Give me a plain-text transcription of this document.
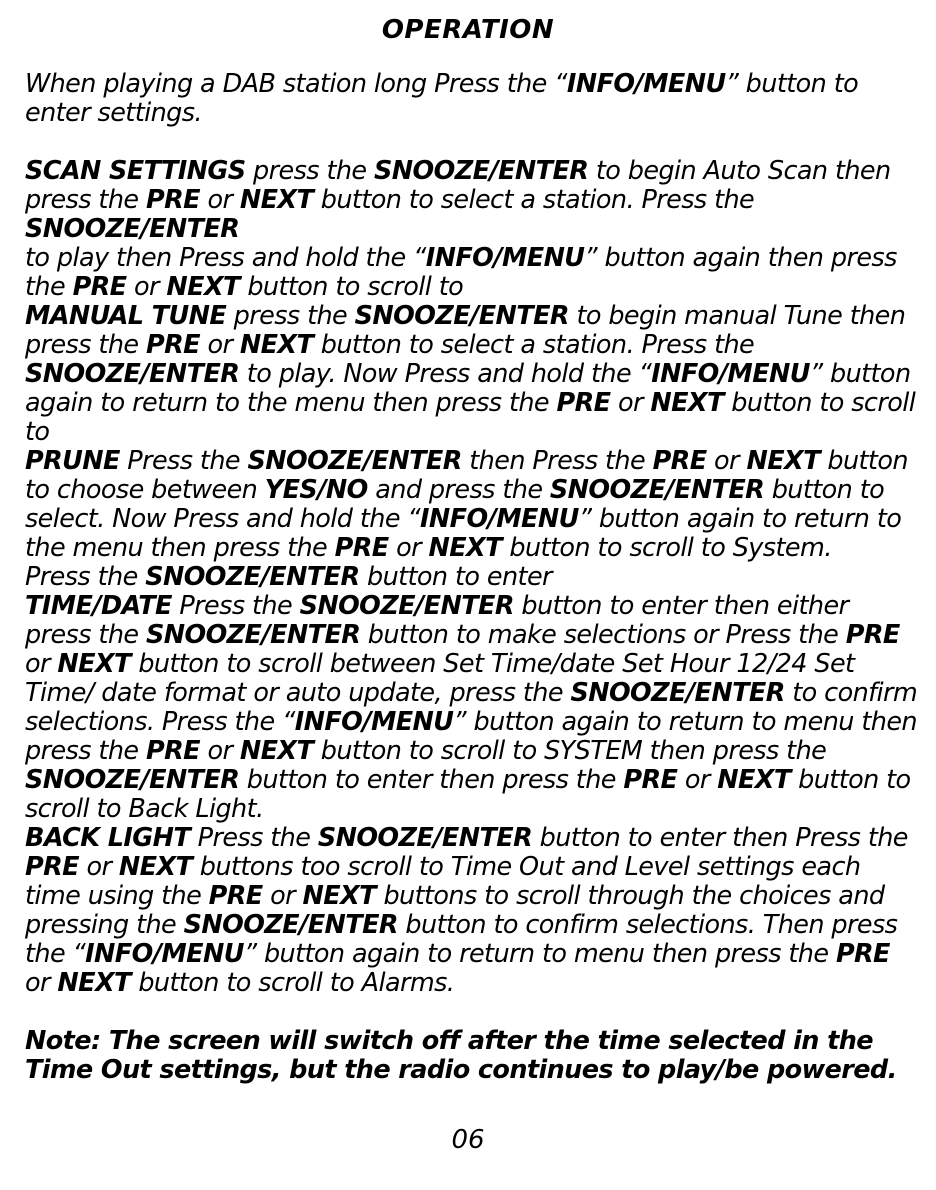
OPERATION

When playing a DAB station long Press the “INFO/MENU” button to enter settings.

SCAN SETTINGS press the SNOOZE/ENTER to begin Auto Scan then press the PRE or NEXT button to select a station. Press the SNOOZE/ENTER
to play then Press and hold the “INFO/MENU” button again then press the PRE or NEXT button to scroll to

MANUAL TUNE press the SNOOZE/ENTER to begin manual Tune then press the PRE or NEXT button to select a station. Press the SNOOZE/ENTER to play. Now Press and hold the “INFO/MENU” button again to return to the menu then press the PRE or NEXT button to scroll to

PRUNE Press the SNOOZE/ENTER then Press the PRE or NEXT button to choose between YES/NO and press the SNOOZE/ENTER button to select. Now Press and hold the “INFO/MENU” button again to return to the menu then press the PRE or NEXT button to scroll to System.

Press the SNOOZE/ENTER button to enter

TIME/DATE Press the SNOOZE/ENTER button to enter then either press the SNOOZE/ENTER button to make selections or Press the PRE or NEXT button to scroll between Set Time/date Set Hour 12/24 Set Time/ date format or auto update, press the SNOOZE/ENTER to confirm selections. Press the “INFO/MENU” button again to return to menu then press the PRE or NEXT button to scroll to SYSTEM then press the SNOOZE/ENTER button to enter then press the PRE or NEXT button to scroll to Back Light.

BACK LIGHT Press the SNOOZE/ENTER button to enter then Press the PRE or NEXT buttons too scroll to Time Out and Level settings each time using the PRE or NEXT buttons to scroll through the choices and pressing the SNOOZE/ENTER button to confirm selections. Then press the “INFO/MENU” button again to return to menu then press the PRE or NEXT button to scroll to Alarms.

Note: The screen will switch off after the time selected in the Time Out settings, but the radio continues to play/be powered.

06
